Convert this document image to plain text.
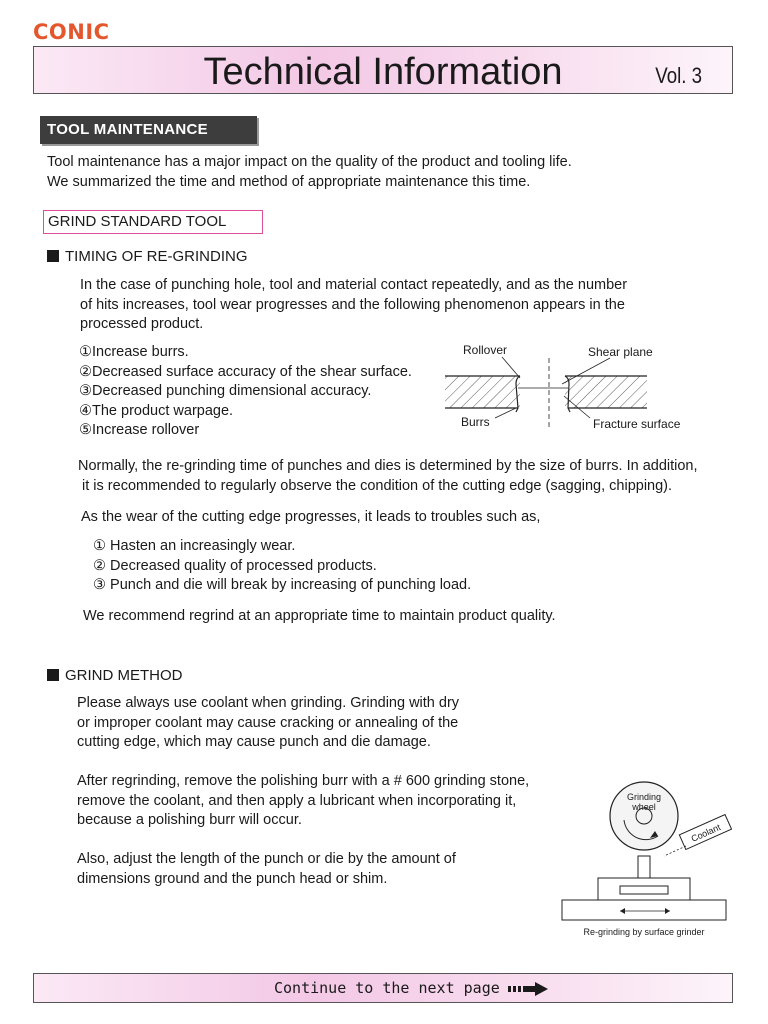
CONIC
Technical Information	Vol. 3
TOOL MAINTENANCE
Tool maintenance has a major impact on the quality of the product and tooling life.
We summarized the time and method of appropriate maintenance this time.
GRIND STANDARD TOOL
TIMING OF RE-GRINDING
In the case of punching hole, tool and material contact repeatedly, and as the number
of hits increases, tool wear progresses and the following phenomenon appears in the
processed product.
①Increase burrs.
②Decreased surface accuracy of the shear surface.
③Decreased punching dimensional accuracy.
④The product warpage.
⑤Increase rollover
Rollover	Shear plane
Burrs	Fracture surface
Normally, the re-grinding time of punches and dies is determined by the size of burrs. In addition,
it is recommended to regularly observe the condition of the cutting edge (sagging, chipping).
As the wear of the cutting edge progresses, it leads to troubles such as,
① Hasten an increasingly wear.
② Decreased quality of processed products.
③ Punch and die will break by increasing of punching load.
We recommend regrind at an appropriate time to maintain product quality.
GRIND METHOD
Please always use coolant when grinding. Grinding with dry
or improper coolant may cause cracking or annealing of the
cutting edge, which may cause punch and die damage.
After regrinding, remove the polishing burr with a # 600 grinding stone,
remove the coolant, and then apply a lubricant when incorporating it,
because a polishing burr will occur.
Also, adjust the length of the punch or die by the amount of
dimensions ground and the punch head or shim.
Grinding
wheel
Coolant
Re-grinding by surface grinder
Continue to the next page
